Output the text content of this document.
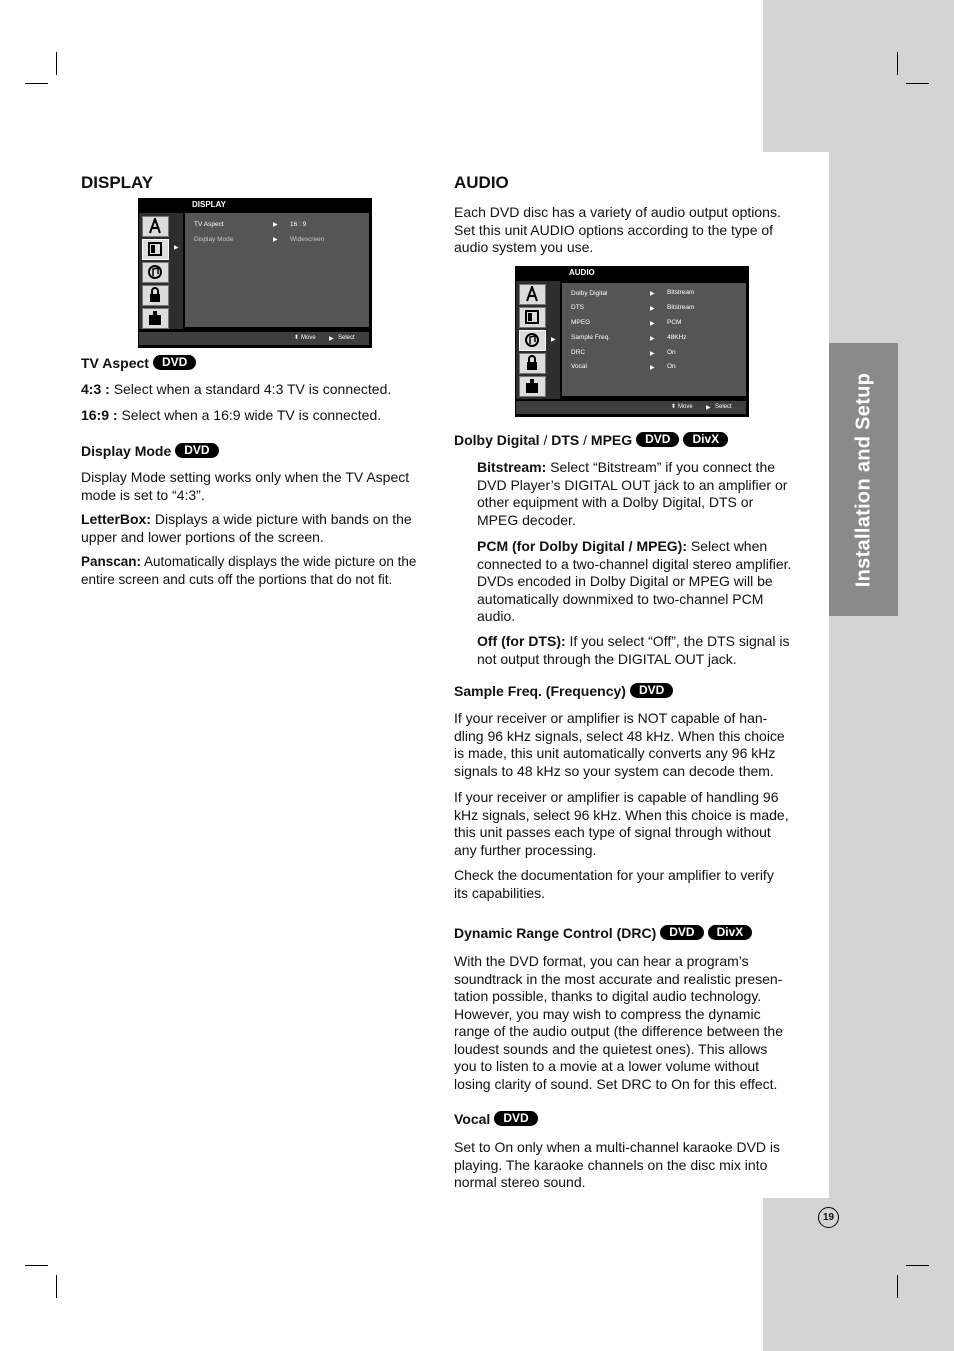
Installation and Setup
19
DISPLAY
DISPLAY
▶
TV Aspect	▶ 16 : 9
Display Mode	▶ Widescreen
⬍ Move ▶ Select
TV Aspect DVD
4:3 : Select when a standard 4:3 TV is connected.
16:9 : Select when a 16:9 wide TV is connected.
Display Mode DVD
Display Mode setting works only when the TV Aspect
mode is set to “4:3”.
LetterBox: Displays a wide picture with bands on the
upper and lower portions of the screen.
Panscan: Automatically displays the wide picture on the
entire screen and cuts off the portions that do not fit.
AUDIO
Each DVD disc has a variety of audio output options.
Set this unit AUDIO options according to the type of
audio system you use.
AUDIO
▶
Dolby Digital	▶ Bitstream
DTS	▶ Bitstream
MPEG	▶ PCM
Sample Freq.	▶ 48KHz
DRC	▶ On
Vocal	▶ On
⬍ Move ▶ Select
Dolby Digital / DTS / MPEG DVD DivX
Bitstream: Select “Bitstream” if you connect the
DVD Player’s DIGITAL OUT jack to an amplifier or
other equipment with a Dolby Digital, DTS or
MPEG decoder.
PCM (for Dolby Digital / MPEG): Select when
connected to a two-channel digital stereo amplifier.
DVDs encoded in Dolby Digital or MPEG will be
automatically downmixed to two-channel PCM
audio.
Off (for DTS): If you select “Off”, the DTS signal is
not output through the DIGITAL OUT jack.
Sample Freq. (Frequency) DVD
If your receiver or amplifier is NOT capable of han-
dling 96 kHz signals, select 48 kHz. When this choice
is made, this unit automatically converts any 96 kHz
signals to 48 kHz so your system can decode them.
If your receiver or amplifier is capable of handling 96
kHz signals, select 96 kHz. When this choice is made,
this unit passes each type of signal through without
any further processing.
Check the documentation for your amplifier to verify
its capabilities.
Dynamic Range Control (DRC) DVD DivX
With the DVD format, you can hear a program’s
soundtrack in the most accurate and realistic presen-
tation possible, thanks to digital audio technology.
However, you may wish to compress the dynamic
range of the audio output (the difference between the
loudest sounds and the quietest ones). This allows
you to listen to a movie at a lower volume without
losing clarity of sound. Set DRC to On for this effect.
Vocal DVD
Set to On only when a multi-channel karaoke DVD is
playing. The karaoke channels on the disc mix into
normal stereo sound.
